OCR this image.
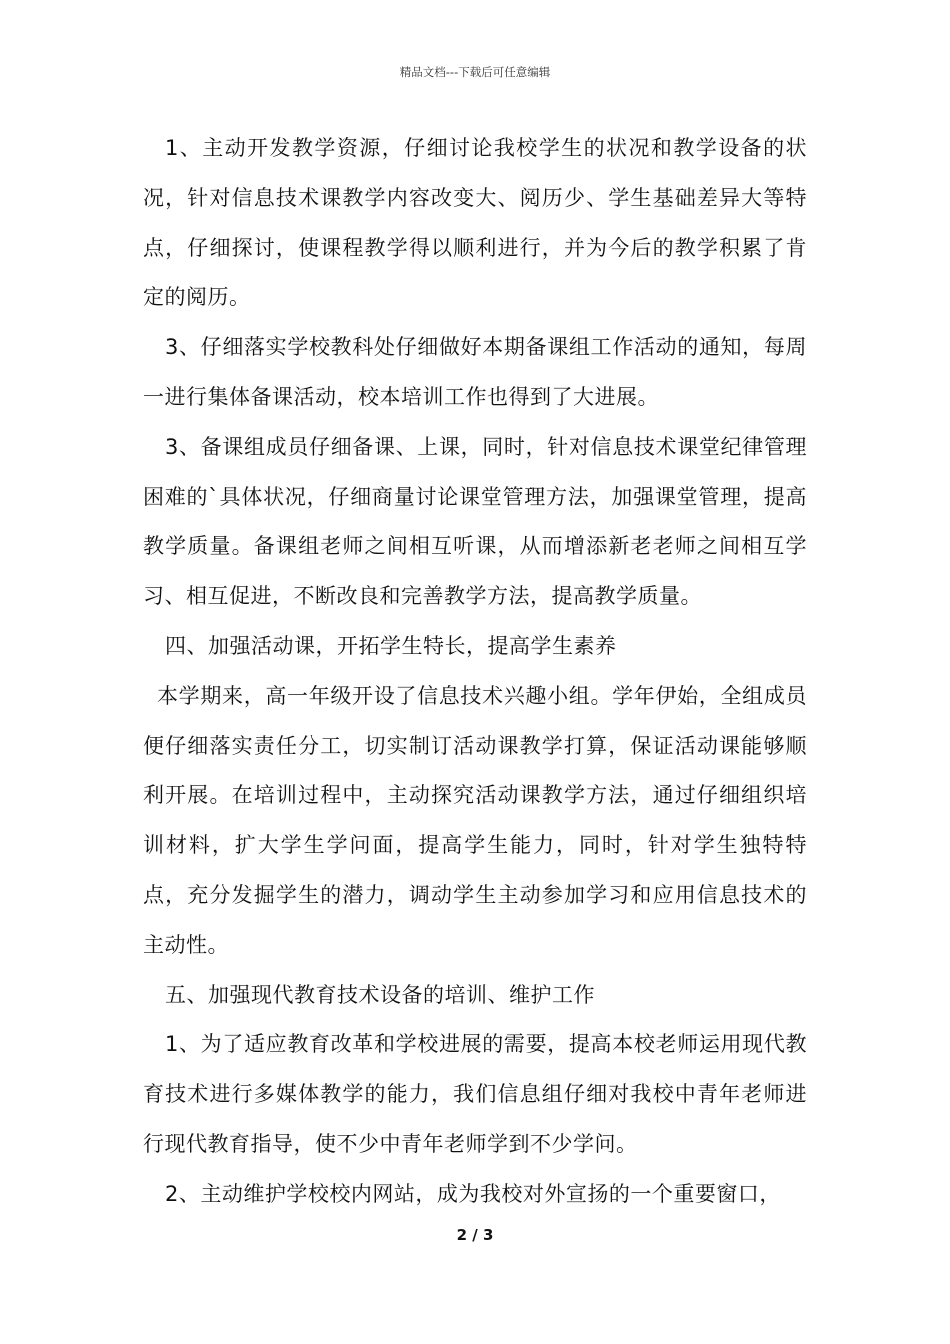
精品文档---下载后可任意编辑

1、主动开发教学资源，仔细讨论我校学生的状况和教学设备的状况，针对信息技术课教学内容改变大、阅历少、学生基础差异大等特点，仔细探讨，使课程教学得以顺利进行，并为今后的教学积累了肯定的阅历。

3、仔细落实学校教科处仔细做好本期备课组工作活动的通知，每周一进行集体备课活动，校本培训工作也得到了大进展。

3、备课组成员仔细备课、上课，同时，针对信息技术课堂纪律管理困难的`具体状况，仔细商量讨论课堂管理方法，加强课堂管理，提高教学质量。备课组老师之间相互听课，从而增添新老老师之间相互学习、相互促进，不断改良和完善教学方法，提高教学质量。

四、加强活动课，开拓学生特长，提高学生素养

本学期来，高一年级开设了信息技术兴趣小组。学年伊始，全组成员便仔细落实责任分工，切实制订活动课教学打算，保证活动课能够顺利开展。在培训过程中，主动探究活动课教学方法，通过仔细组织培训材料，扩大学生学问面，提高学生能力，同时，针对学生独特特点，充分发掘学生的潜力，调动学生主动参加学习和应用信息技术的主动性。

五、加强现代教育技术设备的培训、维护工作

1、为了适应教育改革和学校进展的需要，提高本校老师运用现代教育技术进行多媒体教学的能力，我们信息组仔细对我校中青年老师进行现代教育指导，使不少中青年老师学到不少学问。

2、主动维护学校校内网站，成为我校对外宣扬的一个重要窗口，

2 / 3
